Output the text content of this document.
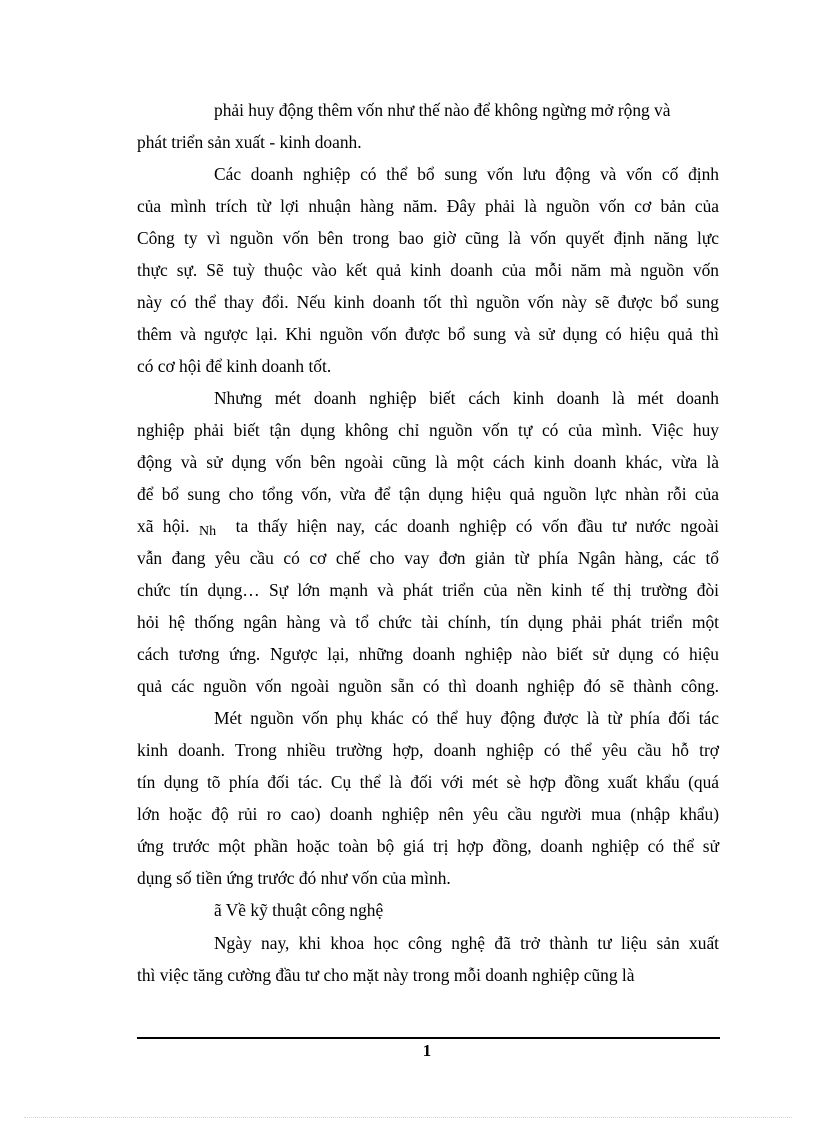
phải huy động thêm vốn như thế nào để không ngừng mở rộng và
phát triển sản xuất - kinh doanh.
Các doanh nghiệp có thể bổ sung vốn lưu động và vốn cố định
của mình trích từ lợi nhuận hàng năm. Đây phải là nguồn vốn cơ bản của
Công ty vì nguồn vốn bên trong bao giờ cũng là vốn quyết định năng lực
thực sự. Sẽ tuỳ thuộc vào kết quả kinh doanh của mỗi năm mà nguồn vốn
này có thể thay đổi. Nếu kinh doanh tốt thì nguồn vốn này sẽ được bổ sung
thêm và ngược lại. Khi nguồn vốn được bổ sung và sử dụng có hiệu quả thì
có cơ hội để kinh doanh tốt.
Nhưng mét doanh nghiệp biết cách kinh doanh là mét doanh
nghiệp phải biết tận dụng không chỉ nguồn vốn tự có của mình. Việc huy
động và sử dụng vốn bên ngoài cũng là một cách kinh doanh khác, vừa là
để bổ sung cho tổng vốn, vừa để tận dụng hiệu quả nguồn lực nhàn rỗi của
xã hội. Nh ta thấy hiện nay, các doanh nghiệp có vốn đầu tư nước ngoài
vẫn đang yêu cầu có cơ chế cho vay đơn giản từ phía Ngân hàng, các tổ
chức tín dụng… Sự lớn mạnh và phát triển của nền kinh tế thị trường đòi
hỏi hệ thống ngân hàng và tổ chức tài chính, tín dụng phải phát triển một
cách tương ứng. Ngược lại, những doanh nghiệp nào biết sử dụng có hiệu
quả các nguồn vốn ngoài nguồn sẵn có thì doanh nghiệp đó sẽ thành công.
Mét nguồn vốn phụ khác có thể huy động được là từ phía đối tác
kinh doanh. Trong nhiều trường hợp, doanh nghiệp có thể yêu cầu hỗ trợ
tín dụng tõ phía đối tác. Cụ thể là đối với mét sè hợp đồng xuất khẩu (quá
lớn hoặc độ rủi ro cao) doanh nghiệp nên yêu cầu người mua (nhập khẩu)
ứng trước một phần hoặc toàn bộ giá trị hợp đồng, doanh nghiệp có thể sử
dụng số tiền ứng trước đó như vốn của mình.
ã Về kỹ thuật công nghệ
Ngày nay, khi khoa học công nghệ đã trở thành tư liệu sản xuất
thì việc tăng cường đầu tư cho mặt này trong mỗi doanh nghiệp cũng là
1
